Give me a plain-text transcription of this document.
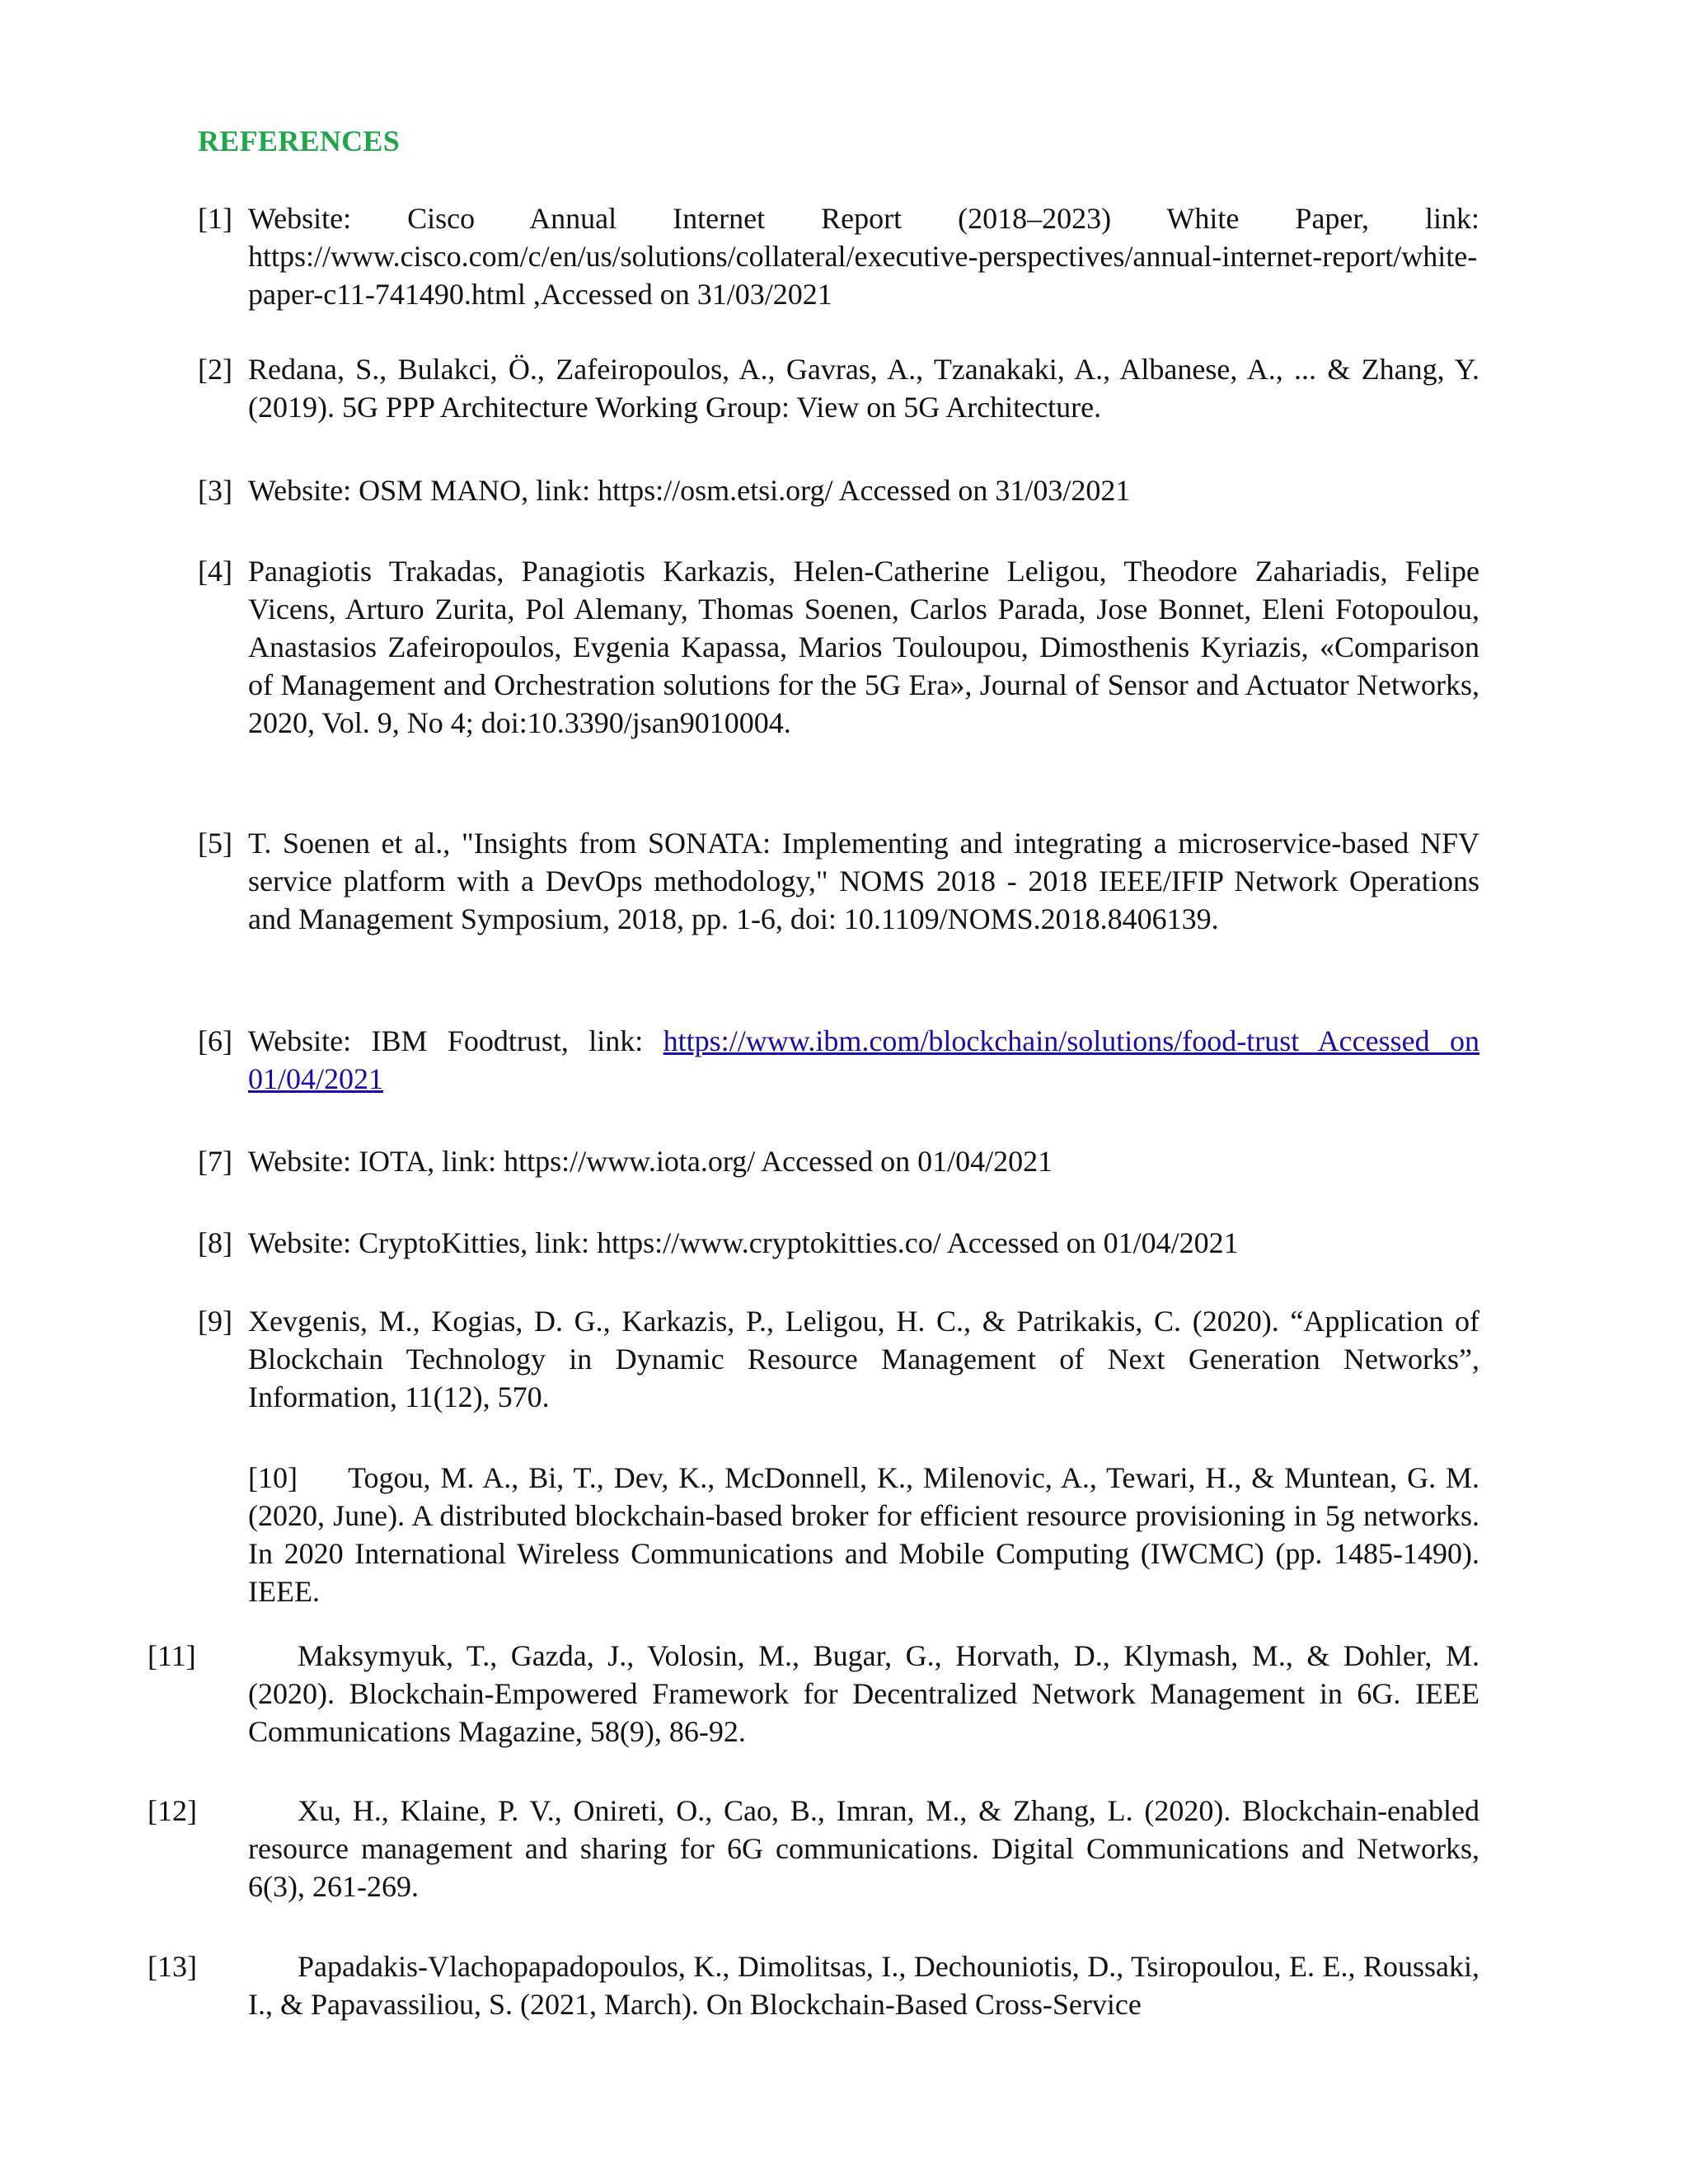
REFERENCES
[1] Website: Cisco Annual Internet Report (2018–2023) White Paper, link: https://www.cisco.com/c/en/us/solutions/collateral/executive-perspectives/annual-internet-report/white-paper-c11-741490.html ,Accessed on 31/03/2021
[2] Redana, S., Bulakci, Ö., Zafeiropoulos, A., Gavras, A., Tzanakaki, A., Albanese, A., ... & Zhang, Y. (2019). 5G PPP Architecture Working Group: View on 5G Architecture.
[3] Website: OSM MANO, link: https://osm.etsi.org/ Accessed on 31/03/2021
[4] Panagiotis Trakadas, Panagiotis Karkazis, Helen-Catherine Leligou, Theodore Zahariadis, Felipe Vicens, Arturo Zurita, Pol Alemany, Thomas Soenen, Carlos Parada, Jose Bonnet, Eleni Fotopoulou, Anastasios Zafeiropoulos, Evgenia Kapassa, Marios Touloupou, Dimosthenis Kyriazis, «Comparison of Management and Orchestration solutions for the 5G Era», Journal of Sensor and Actuator Networks, 2020, Vol. 9, No 4; doi:10.3390/jsan9010004.
[5] T. Soenen et al., "Insights from SONATA: Implementing and integrating a microservice-based NFV service platform with a DevOps methodology," NOMS 2018 - 2018 IEEE/IFIP Network Operations and Management Symposium, 2018, pp. 1-6, doi: 10.1109/NOMS.2018.8406139.
[6] Website: IBM Foodtrust, link: https://www.ibm.com/blockchain/solutions/food-trust Accessed on 01/04/2021
[7] Website: IOTA, link: https://www.iota.org/ Accessed on 01/04/2021
[8] Website: CryptoKitties, link: https://www.cryptokitties.co/ Accessed on 01/04/2021
[9] Xevgenis, M., Kogias, D. G., Karkazis, P., Leligou, H. C., & Patrikakis, C. (2020). “Application of Blockchain Technology in Dynamic Resource Management of Next Generation Networks”, Information, 11(12), 570.
[10] Togou, M. A., Bi, T., Dev, K., McDonnell, K., Milenovic, A., Tewari, H., & Muntean, G. M. (2020, June). A distributed blockchain-based broker for efficient resource provisioning in 5g networks. In 2020 International Wireless Communications and Mobile Computing (IWCMC) (pp. 1485-1490). IEEE.
[11]	Maksymyuk, T., Gazda, J., Volosin, M., Bugar, G., Horvath, D., Klymash, M., & Dohler, M. (2020). Blockchain-Empowered Framework for Decentralized Network Management in 6G. IEEE Communications Magazine, 58(9), 86-92.
[12]	Xu, H., Klaine, P. V., Onireti, O., Cao, B., Imran, M., & Zhang, L. (2020). Blockchain-enabled resource management and sharing for 6G communications. Digital Communications and Networks, 6(3), 261-269.
[13]	Papadakis-Vlachopapadopoulos, K., Dimolitsas, I., Dechouniotis, D., Tsiropoulou, E. E., Roussaki, I., & Papavassiliou, S. (2021, March). On Blockchain-Based Cross-Service
